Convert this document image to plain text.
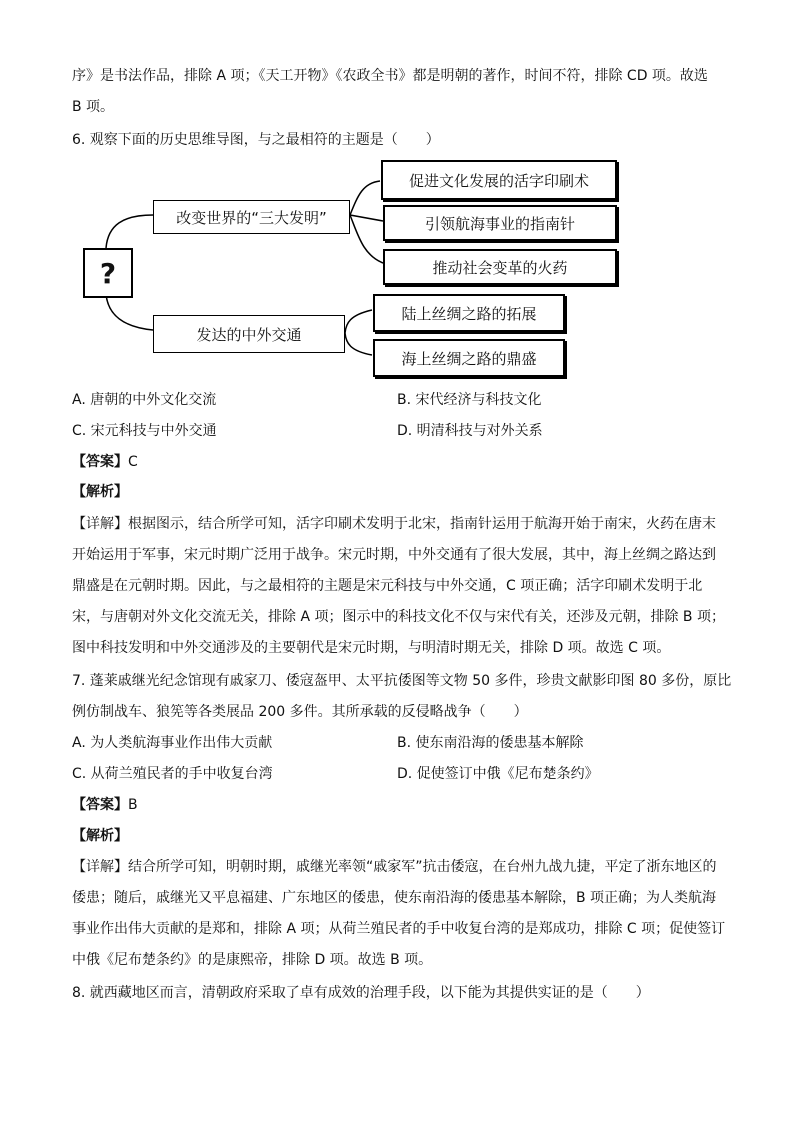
序》是书法作品，排除 A 项；《天工开物》《农政全书》都是明朝的著作，时间不符，排除 CD 项。故选
B 项。
6. 观察下面的历史思维导图，与之最相符的主题是（　　）
?
改变世界的“三大发明”
促进文化发展的活字印刷术
引领航海事业的指南针
推动社会变革的火药
发达的中外交通
陆上丝绸之路的拓展
海上丝绸之路的鼎盛
A. 唐朝的中外文化交流	B. 宋代经济与科技文化
C. 宋元科技与中外交通	D. 明清科技与对外关系
【答案】C
【解析】
【详解】根据图示，结合所学可知，活字印刷术发明于北宋，指南针运用于航海开始于南宋，火药在唐末
开始运用于军事，宋元时期广泛用于战争。宋元时期，中外交通有了很大发展，其中，海上丝绸之路达到
鼎盛是在元朝时期。因此，与之最相符的主题是宋元科技与中外交通，C 项正确；活字印刷术发明于北
宋，与唐朝对外文化交流无关，排除 A 项；图示中的科技文化不仅与宋代有关，还涉及元朝，排除 B 项；
图中科技发明和中外交通涉及的主要朝代是宋元时期，与明清时期无关，排除 D 项。故选 C 项。
7. 蓬莱戚继光纪念馆现有戚家刀、倭寇盔甲、太平抗倭图等文物 50 多件，珍贵文献影印图 80 多份，原比
例仿制战车、狼筅等各类展品 200 多件。其所承载的反侵略战争（　　）
A. 为人类航海事业作出伟大贡献	B. 使东南沿海的倭患基本解除
C. 从荷兰殖民者的手中收复台湾	D. 促使签订中俄《尼布楚条约》
【答案】B
【解析】
【详解】结合所学可知，明朝时期，戚继光率领“戚家军”抗击倭寇，在台州九战九捷，平定了浙东地区的
倭患；随后，戚继光又平息福建、广东地区的倭患，使东南沿海的倭患基本解除，B 项正确；为人类航海
事业作出伟大贡献的是郑和，排除 A 项；从荷兰殖民者的手中收复台湾的是郑成功，排除 C 项；促使签订
中俄《尼布楚条约》的是康熙帝，排除 D 项。故选 B 项。
8. 就西藏地区而言，清朝政府采取了卓有成效的治理手段，以下能为其提供实证的是（　　）
